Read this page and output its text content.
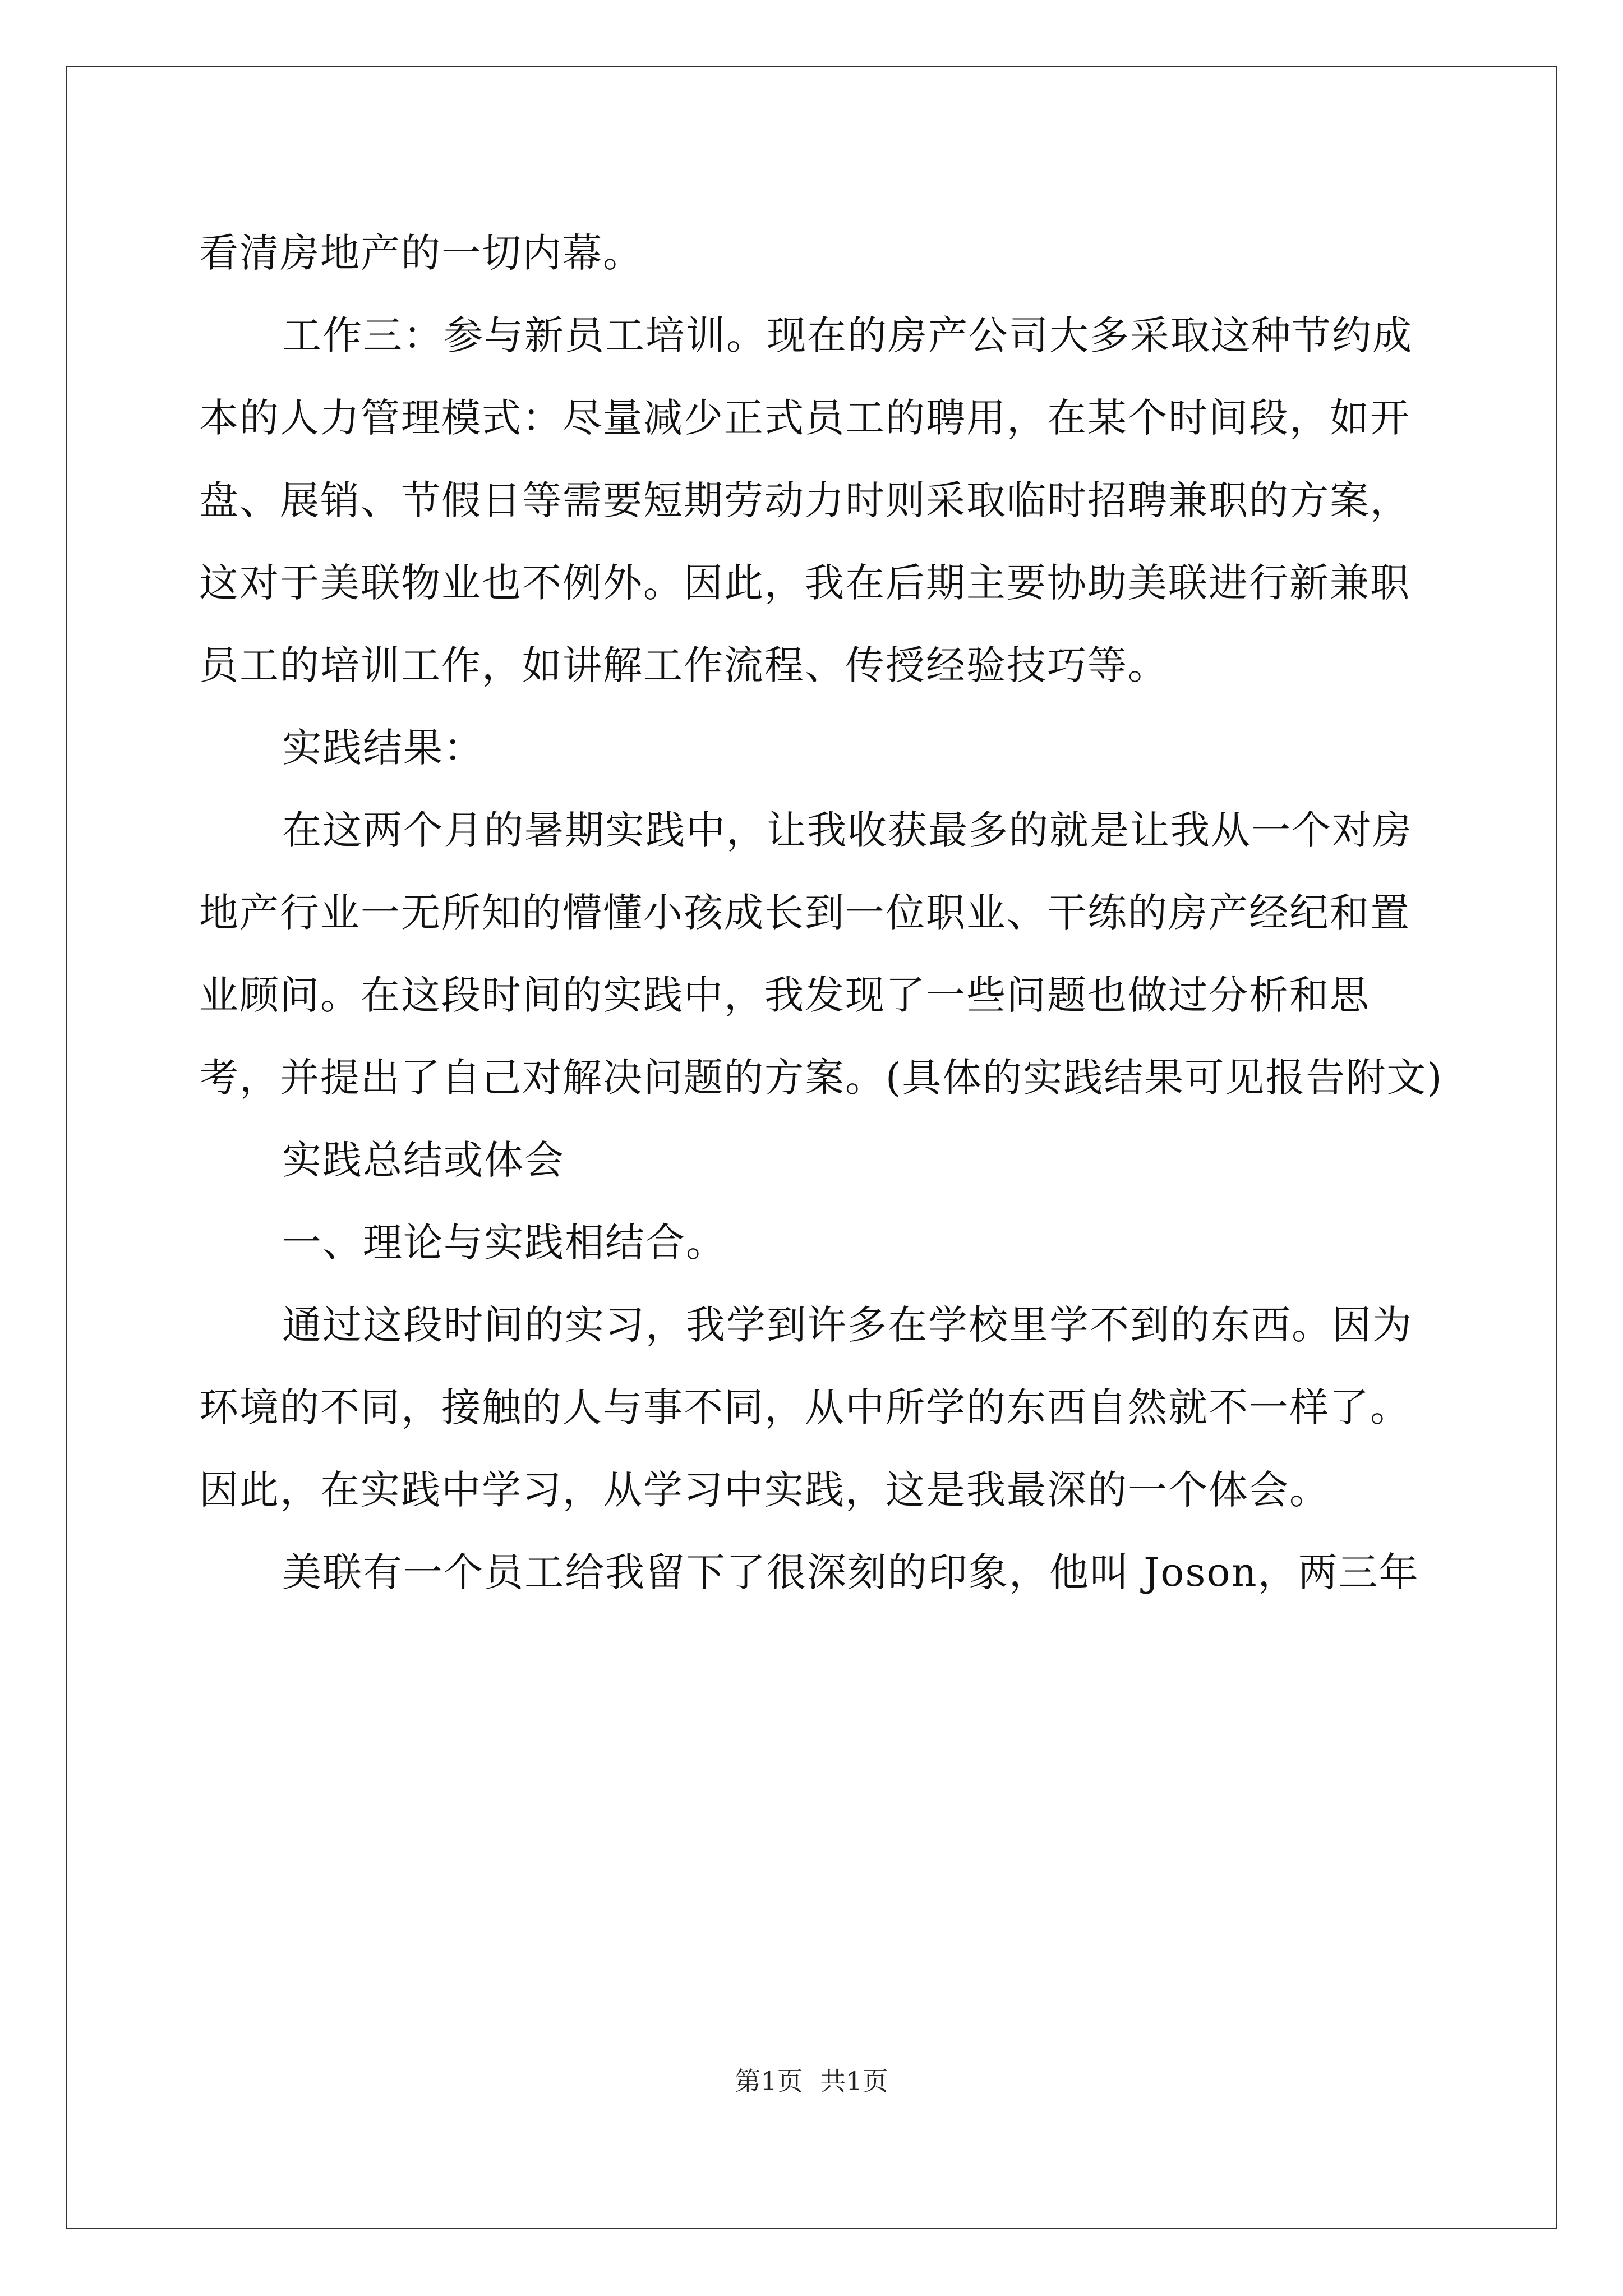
看清房地产的一切内幕。

工作三：参与新员工培训。现在的房产公司大多采取这种节约成本的人力管理模式：尽量减少正式员工的聘用，在某个时间段，如开盘、展销、节假日等需要短期劳动力时则采取临时招聘兼职的方案，这对于美联物业也不例外。因此，我在后期主要协助美联进行新兼职员工的培训工作，如讲解工作流程、传授经验技巧等。

实践结果：

在这两个月的暑期实践中，让我收获最多的就是让我从一个对房地产行业一无所知的懵懂小孩成长到一位职业、干练的房产经纪和置业顾问。在这段时间的实践中，我发现了一些问题也做过分析和思考，并提出了自己对解决问题的方案。(具体的实践结果可见报告附文)

实践总结或体会

一、理论与实践相结合。

通过这段时间的实习，我学到许多在学校里学不到的东西。因为环境的不同，接触的人与事不同，从中所学的东西自然就不一样了。因此，在实践中学习，从学习中实践，这是我最深的一个体会。

美联有一个员工给我留下了很深刻的印象，他叫 Joson，两三年

第1页 共1页
